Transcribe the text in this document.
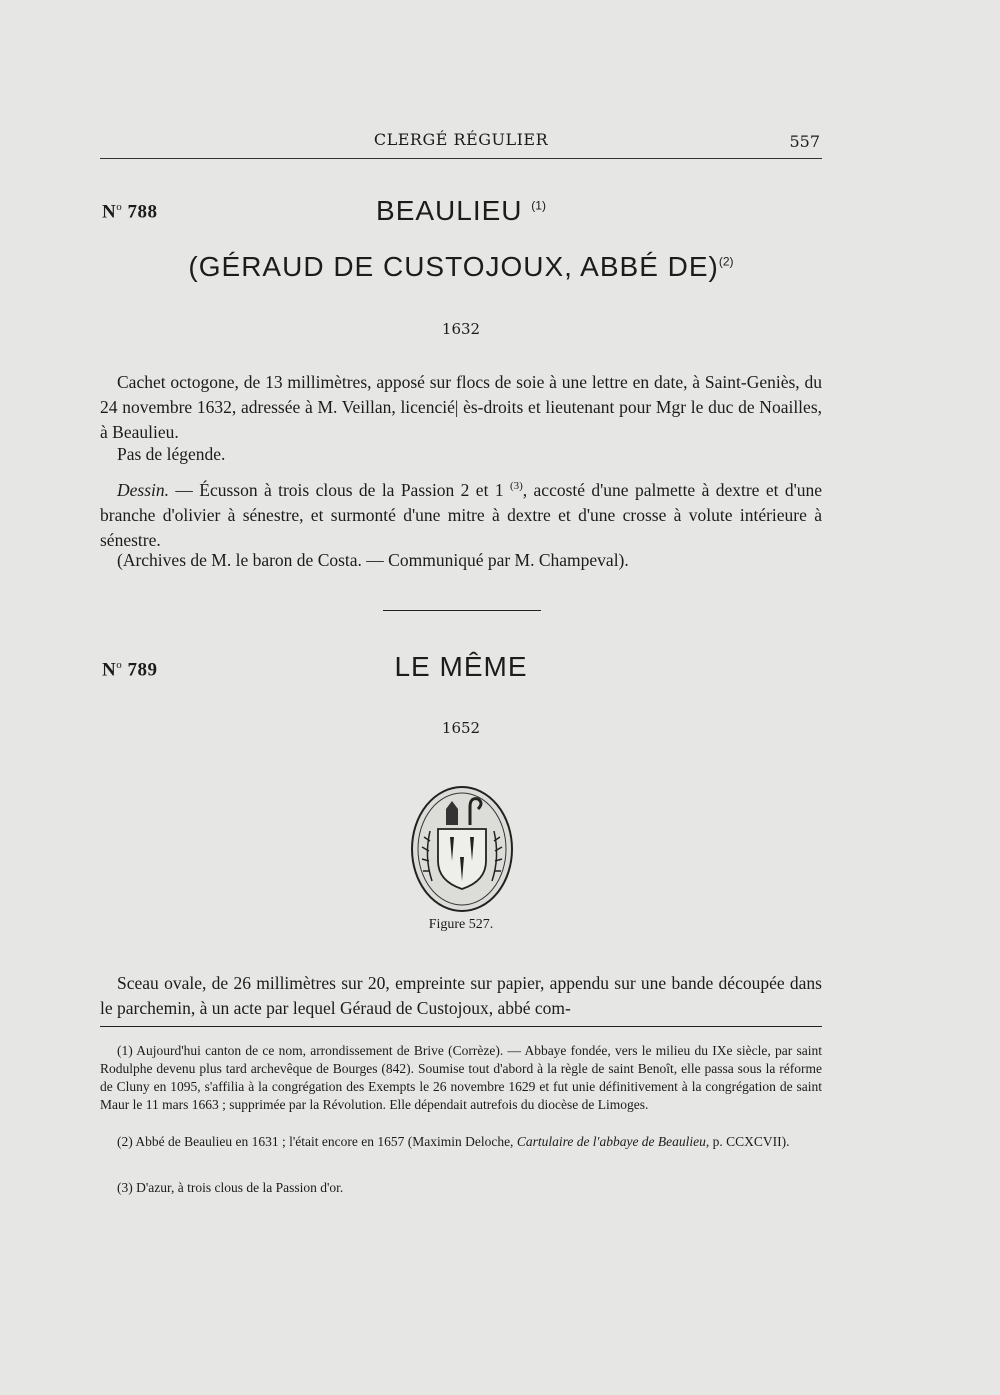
CLERGÉ RÉGULIER	557
$N^o$ 788	BEAULIEU $^{(1)}$
(GÉRAUD DE CUSTOJOUX, ABBÉ DE)$^{(2)}$
1632

Cachet octogone, de 13 millimètres, apposé sur flocs de soie à une lettre en date, à Saint-Geniès, du 24 novembre 1632, adressée à M. Veillan, licencié| ès-droits et lieutenant pour Mgr le duc de Noailles, à Beaulieu.

Pas de légende.

Dessin. — Écusson à trois clous de la Passion 2 et 1 $^{(3)}$, accosté d'une palmette à dextre et d'une branche d'olivier à sénestre, et surmonté d'une mitre à dextre et d'une crosse à volute intérieure à sénestre.

(Archives de M. le baron de Costa. — Communiqué par M. Champeval).

$N^o$ 789	LE MÊME
1652
Figure 527.

Sceau ovale, de 26 millimètres sur 20, empreinte sur papier, appendu sur une bande découpée dans le parchemin, à un acte par lequel Géraud de Custojoux, abbé com-

(1) Aujourd'hui canton de ce nom, arrondissement de Brive (Corrèze). — Abbaye fondée, vers le milieu du IXe siècle, par saint Rodulphe devenu plus tard archevêque de Bourges (842). Soumise tout d'abord à la règle de saint Benoît, elle passa sous la réforme de Cluny en 1095, s'affilia à la congrégation des Exempts le 26 novembre 1629 et fut unie définitivement à la congrégation de saint Maur le 11 mars 1663 ; supprimée par la Révolution. Elle dépendait autrefois du diocèse de Limoges.

(2) Abbé de Beaulieu en 1631 ; l'était encore en 1657 (Maximin Deloche, Cartulaire de l'abbaye de Beaulieu, p. CCXCVII).

(3) D'azur, à trois clous de la Passion d'or.
